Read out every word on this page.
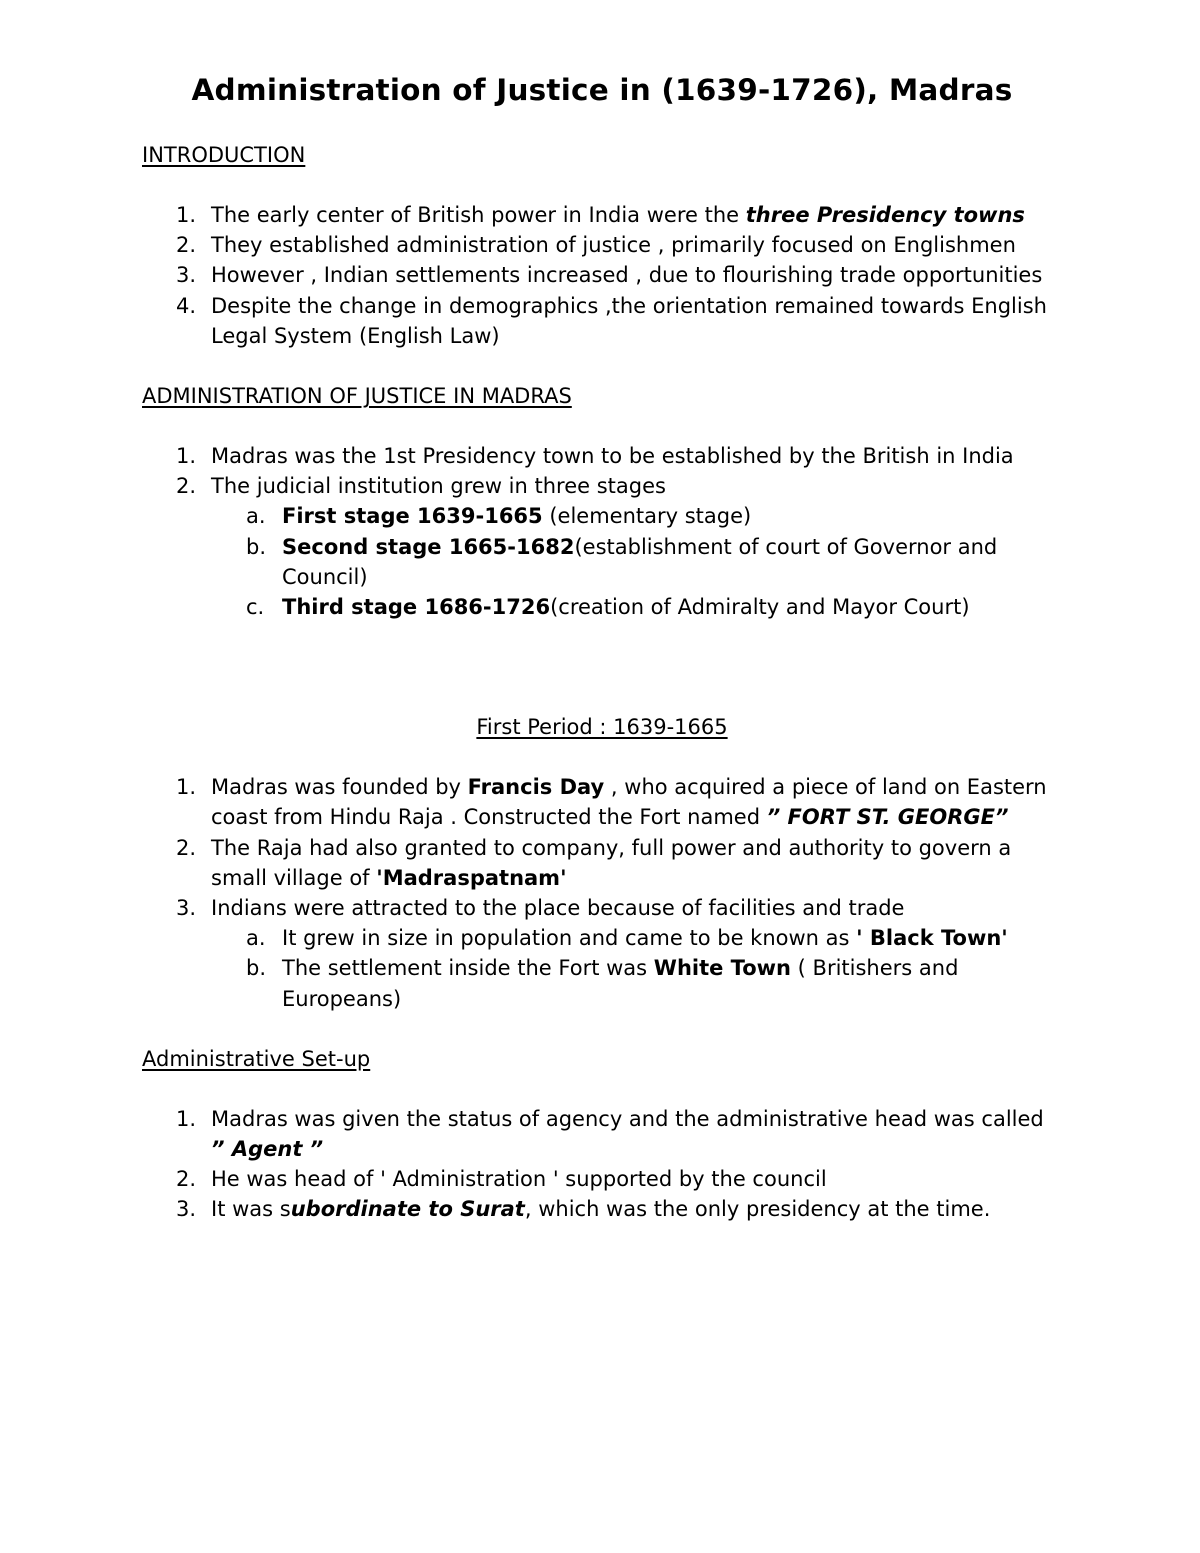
Administration of Justice in (1639-1726), Madras
INTRODUCTION
1. The early center of British power in India were the three Presidency towns
2. They established administration of justice , primarily focused on Englishmen
3. However , Indian settlements increased , due to flourishing trade opportunities
4. Despite the change in demographics ,the orientation remained towards English Legal System (English Law)
ADMINISTRATION OF JUSTICE IN MADRAS
1. Madras was the 1st Presidency town to be established by the British in India
2. The judicial institution grew in three stages
a. First stage 1639-1665 (elementary stage)
b. Second stage 1665-1682(establishment of court of Governor and Council)
c. Third stage 1686-1726(creation of Admiralty and Mayor Court)
First Period : 1639-1665
1. Madras was founded by Francis Day , who acquired a piece of land on Eastern coast from Hindu Raja . Constructed the Fort named ” FORT ST. GEORGE”
2. The Raja had also granted to company, full power and authority to govern a small village of 'Madraspatnam'
3. Indians were attracted to the place because of facilities and trade
a. It grew in size in population and came to be known as ' Black Town'
b. The settlement inside the Fort was White Town ( Britishers and Europeans)
Administrative Set-up
1. Madras was given the status of agency and the administrative head was called ” Agent ”
2. He was head of ' Administration ' supported by the council
3. It was subordinate to Surat, which was the only presidency at the time.
